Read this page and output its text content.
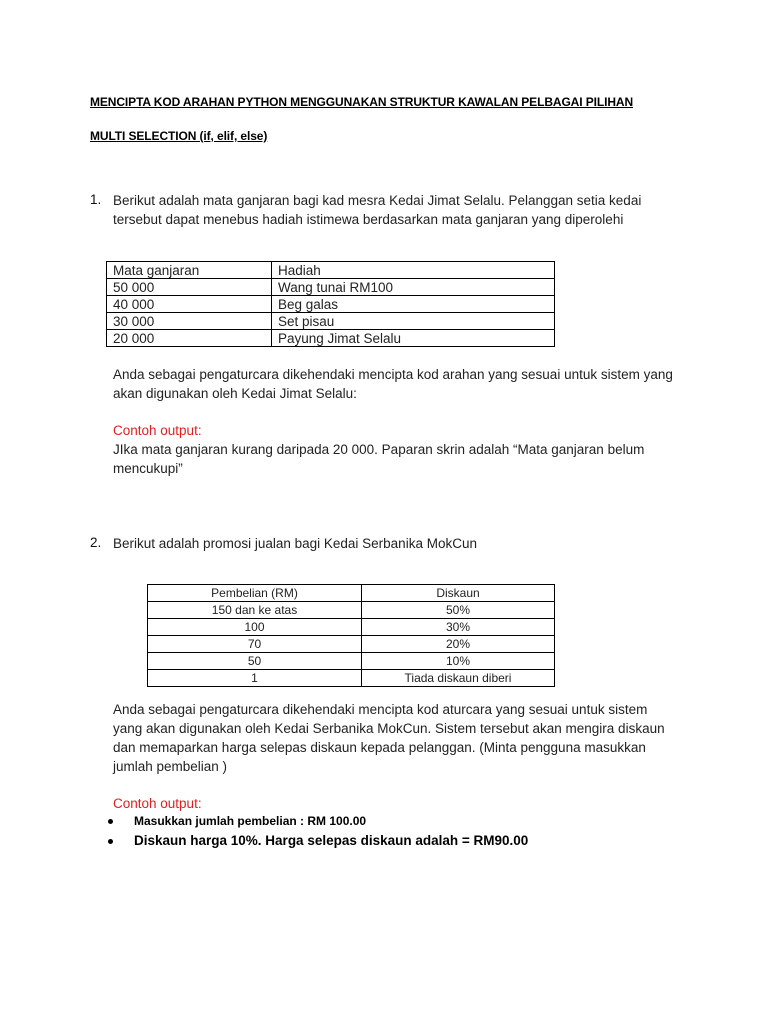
MENCIPTA KOD ARAHAN PYTHON MENGGUNAKAN STRUKTUR KAWALAN PELBAGAI PILIHAN
MULTI SELECTION (if, elif, else)
1. Berikut adalah mata ganjaran bagi kad mesra Kedai Jimat Selalu. Pelanggan setia kedai tersebut dapat menebus hadiah istimewa berdasarkan mata ganjaran yang diperolehi

Mata ganjaran	Hadiah
50 000	Wang tunai RM100
40 000	Beg galas
30 000	Set pisau
20 000	Payung Jimat Selalu

Anda sebagai pengaturcara dikehendaki mencipta kod arahan yang sesuai untuk sistem yang akan digunakan oleh Kedai Jimat Selalu:

Contoh output:

JIka mata ganjaran kurang daripada 20 000. Paparan skrin adalah “Mata ganjaran belum mencukupi”

2. Berikut adalah promosi jualan bagi Kedai Serbanika MokCun

Pembelian (RM)	Diskaun
150 dan ke atas	50%
100	30%
70	20%
50	10%
1	Tiada diskaun diberi

Anda sebagai pengaturcara dikehendaki mencipta kod aturcara yang sesuai untuk sistem yang akan digunakan oleh Kedai Serbanika MokCun. Sistem tersebut akan mengira diskaun dan memaparkan harga selepas diskaun kepada pelanggan. (Minta pengguna masukkan jumlah pembelian )

Contoh output:

Masukkan jumlah pembelian : RM 100.00
Diskaun harga 10%. Harga selepas diskaun adalah = RM90.00
